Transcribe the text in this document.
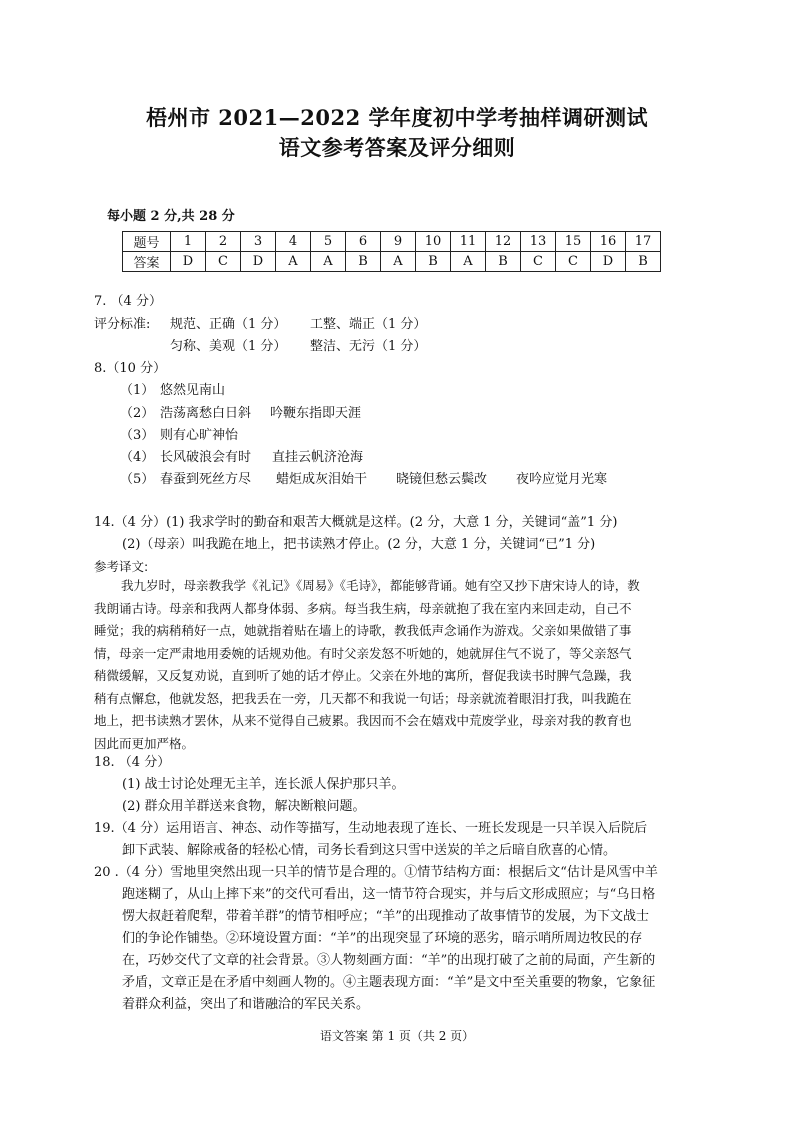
梧州市 2021—2022 学年度初中学考抽样调研测试
语文参考答案及评分细则
每小题 2 分,共 28 分
题号	1	2	3	4	5	6	9	10	11	12	13	15	16	17
答案	D	C	D	A	A	B	A	B	A	B	C	C	D	B
7. （4 分）
评分标准: 规范、正确（1 分） 工整、端正（1 分）
匀称、美观（1 分） 整洁、无污（1 分）
8.（10 分）
（1） 悠然见南山
（2） 浩荡离愁白日斜 吟鞭东指即天涯
（3） 则有心旷神怡
（4） 长风破浪会有时 直挂云帆济沧海
（5） 春蚕到死丝方尽 蜡炬成灰泪始干 晓镜但愁云鬓改 夜吟应觉月光寒
14.（4 分）(1) 我求学时的勤奋和艰苦大概就是这样。(2 分，大意 1 分，关键词“盖”1 分)
(2)（母亲）叫我跪在地上，把书读熟才停止。(2 分，大意 1 分，关键词“已”1 分)
参考译文:
我九岁时，母亲教我学《礼记》《周易》《毛诗》，都能够背诵。她有空又抄下唐宋诗人的诗，教
我朗诵古诗。母亲和我两人都身体弱、多病。每当我生病，母亲就抱了我在室内来回走动，自己不
睡觉；我的病稍稍好一点，她就指着贴在墙上的诗歌，教我低声念诵作为游戏。父亲如果做错了事
情，母亲一定严肃地用委婉的话规劝他。有时父亲发怒不听她的，她就屏住气不说了，等父亲怒气
稍微缓解，又反复劝说，直到听了她的话才停止。父亲在外地的寓所，督促我读书时脾气急躁，我
稍有点懈怠，他就发怒，把我丢在一旁，几天都不和我说一句话；母亲就流着眼泪打我，叫我跪在
地上，把书读熟才罢休，从来不觉得自己疲累。我因而不会在嬉戏中荒废学业，母亲对我的教育也
因此而更加严格。
18. （4 分）
(1) 战士讨论处理无主羊，连长派人保护那只羊。
(2) 群众用羊群送来食物，解决断粮问题。
19.（4 分）运用语言、神态、动作等描写，生动地表现了连长、一班长发现是一只羊误入后院后
卸下武装、解除戒备的轻松心情，司务长看到这只雪中送炭的羊之后暗自欣喜的心情。
20 .（4 分）雪地里突然出现一只羊的情节是合理的。①情节结构方面：根据后文“估计是风雪中羊
跑迷糊了，从山上摔下来”的交代可看出，这一情节符合现实，并与后文形成照应；与“乌日格
愣大叔赶着爬犁，带着羊群”的情节相呼应；“羊”的出现推动了故事情节的发展，为下文战士
们的争论作铺垫。②环境设置方面：“羊”的出现突显了环境的恶劣，暗示哨所周边牧民的存
在，巧妙交代了文章的社会背景。③人物刻画方面：“羊”的出现打破了之前的局面，产生新的
矛盾，文章正是在矛盾中刻画人物的。④主题表现方面：“羊”是文中至关重要的物象，它象征
着群众利益，突出了和谐融洽的军民关系。
语文答案 第 1 页（共 2 页）
